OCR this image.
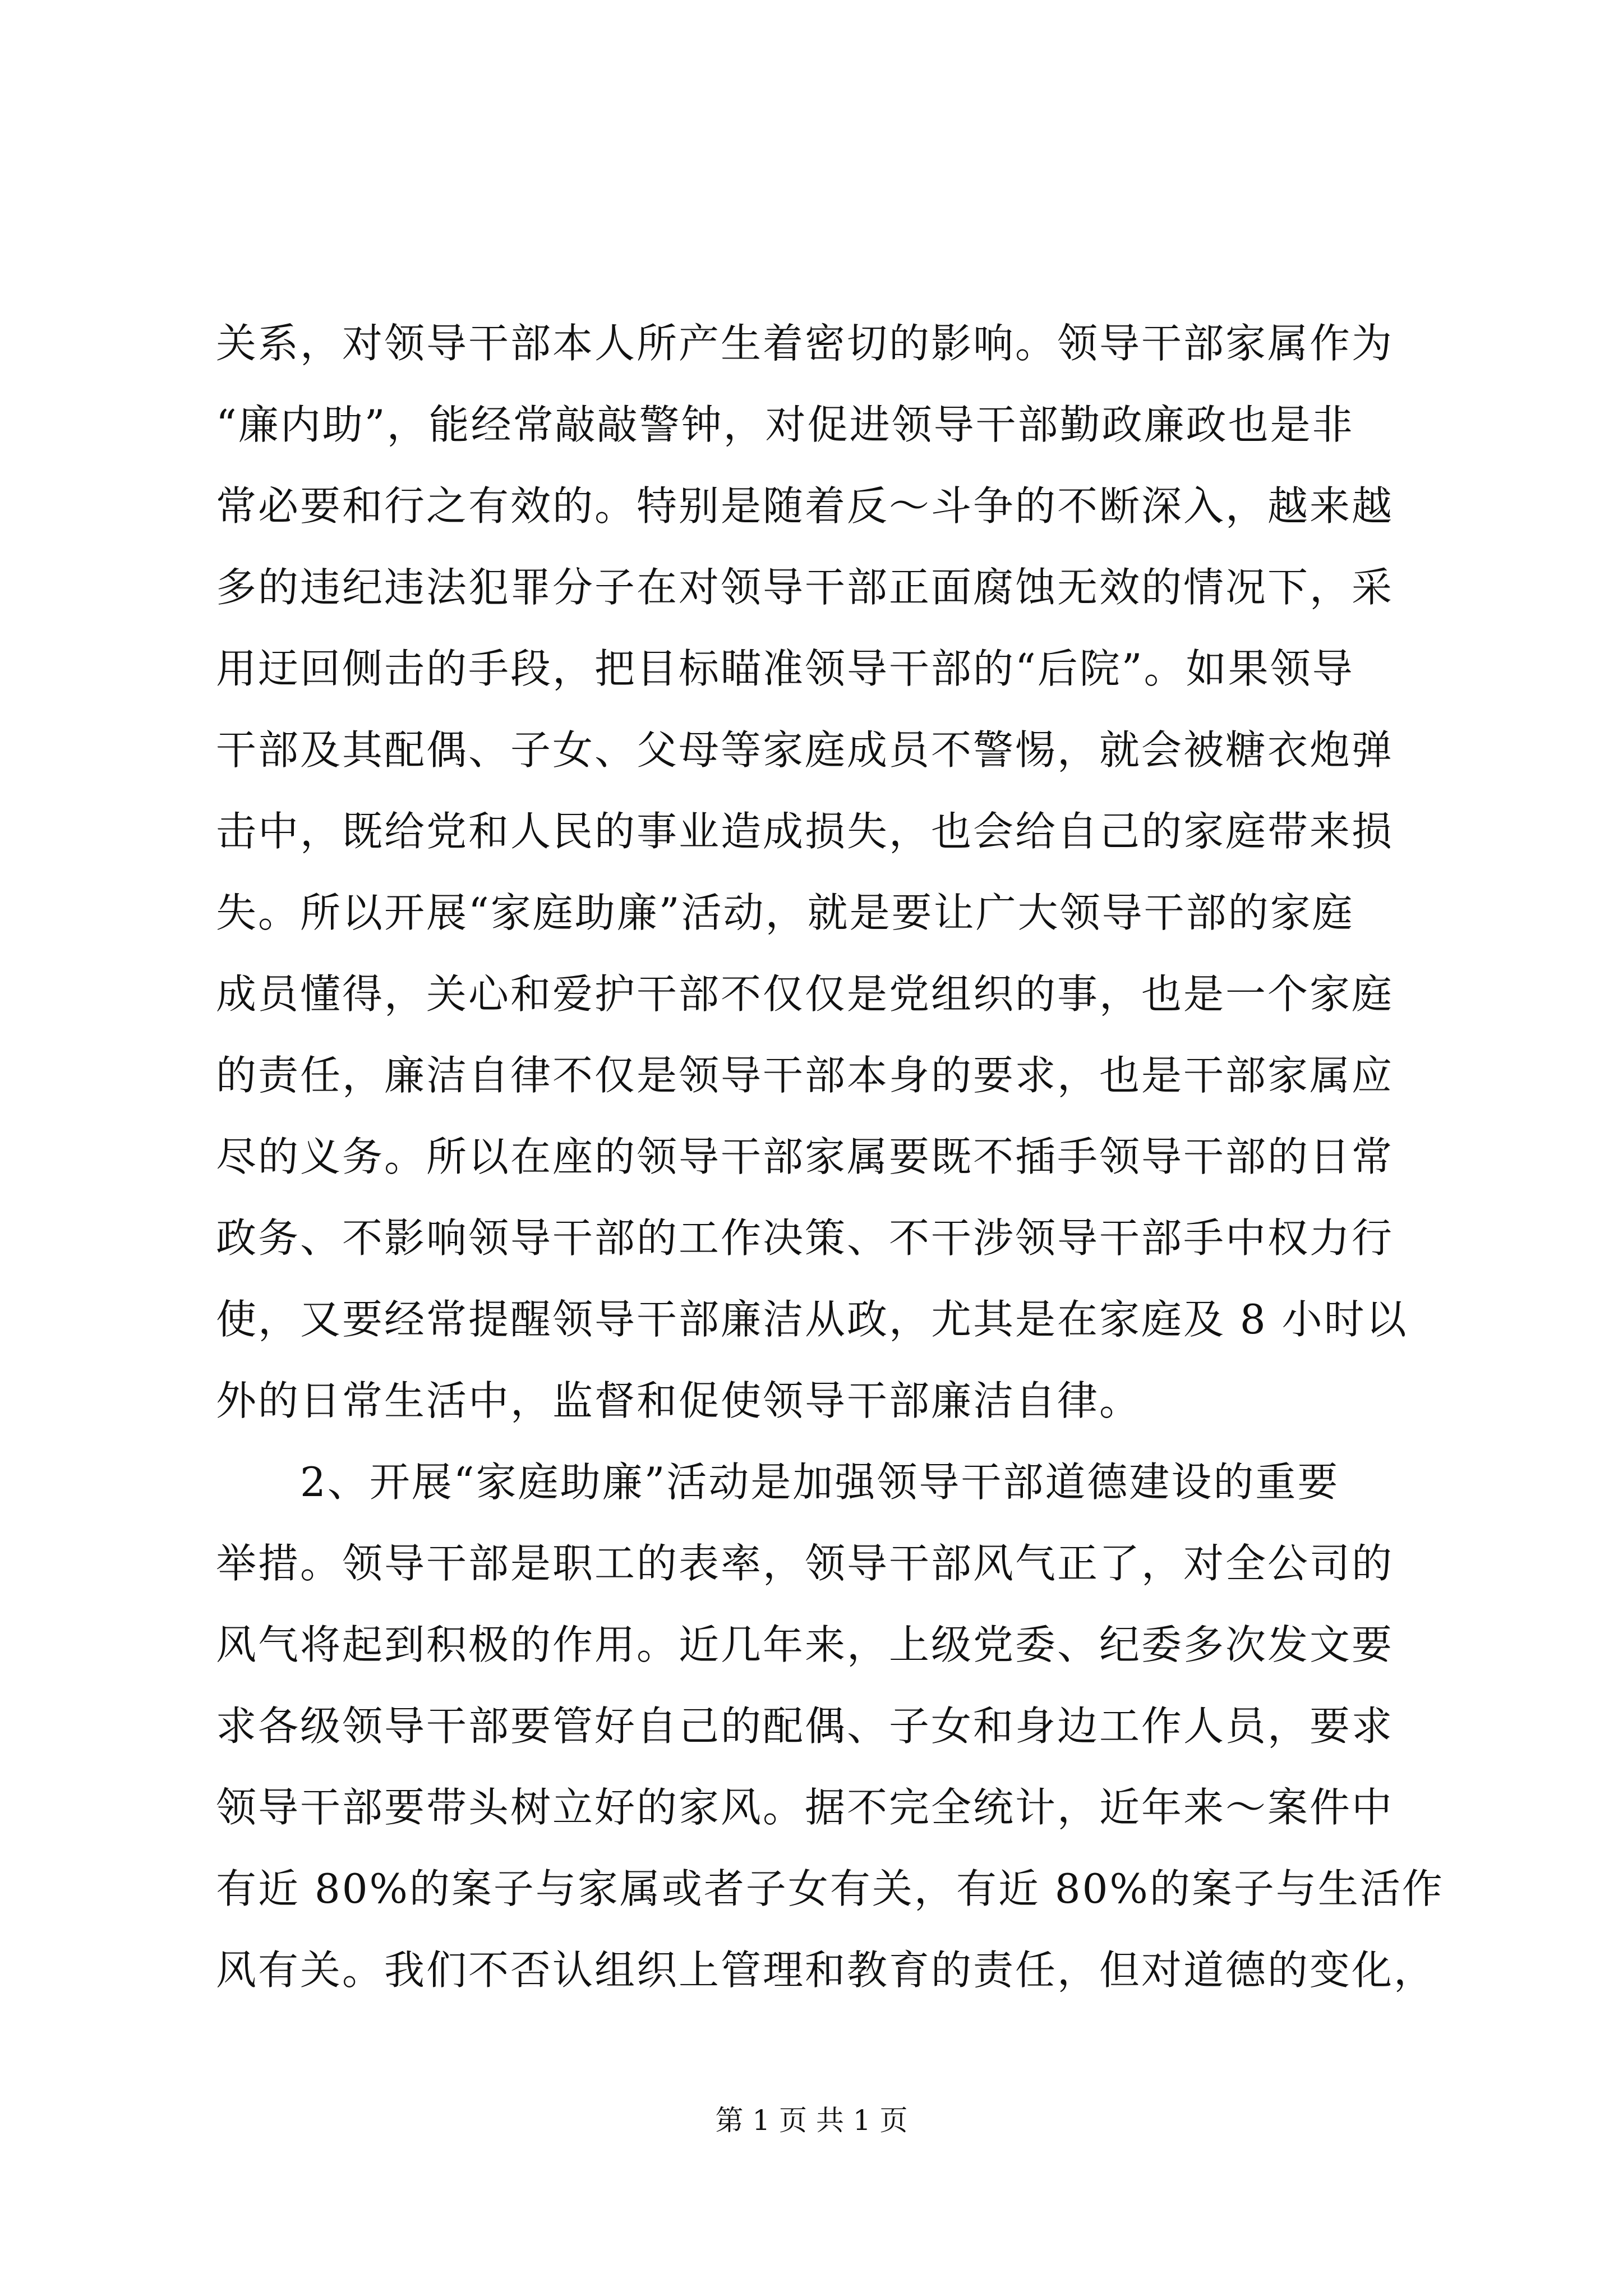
关系，对领导干部本人所产生着密切的影响。领导干部家属作为
“廉内助”，能经常敲敲警钟，对促进领导干部勤政廉政也是非
常必要和行之有效的。特别是随着反～斗争的不断深入，越来越
多的违纪违法犯罪分子在对领导干部正面腐蚀无效的情况下，采
用迂回侧击的手段，把目标瞄准领导干部的“后院”。如果领导
干部及其配偶、子女、父母等家庭成员不警惕，就会被糖衣炮弹
击中，既给党和人民的事业造成损失，也会给自己的家庭带来损
失。所以开展“家庭助廉”活动，就是要让广大领导干部的家庭
成员懂得，关心和爱护干部不仅仅是党组织的事，也是一个家庭
的责任，廉洁自律不仅是领导干部本身的要求，也是干部家属应
尽的义务。所以在座的领导干部家属要既不插手领导干部的日常
政务、不影响领导干部的工作决策、不干涉领导干部手中权力行
使，又要经常提醒领导干部廉洁从政，尤其是在家庭及 8 小时以
外的日常生活中，监督和促使领导干部廉洁自律。

2、开展“家庭助廉”活动是加强领导干部道德建设的重要
举措。领导干部是职工的表率，领导干部风气正了，对全公司的
风气将起到积极的作用。近几年来，上级党委、纪委多次发文要
求各级领导干部要管好自己的配偶、子女和身边工作人员，要求
领导干部要带头树立好的家风。据不完全统计，近年来～案件中
有近 80%的案子与家属或者子女有关，有近 80%的案子与生活作
风有关。我们不否认组织上管理和教育的责任，但对道德的变化，

第 1 页 共 1 页
